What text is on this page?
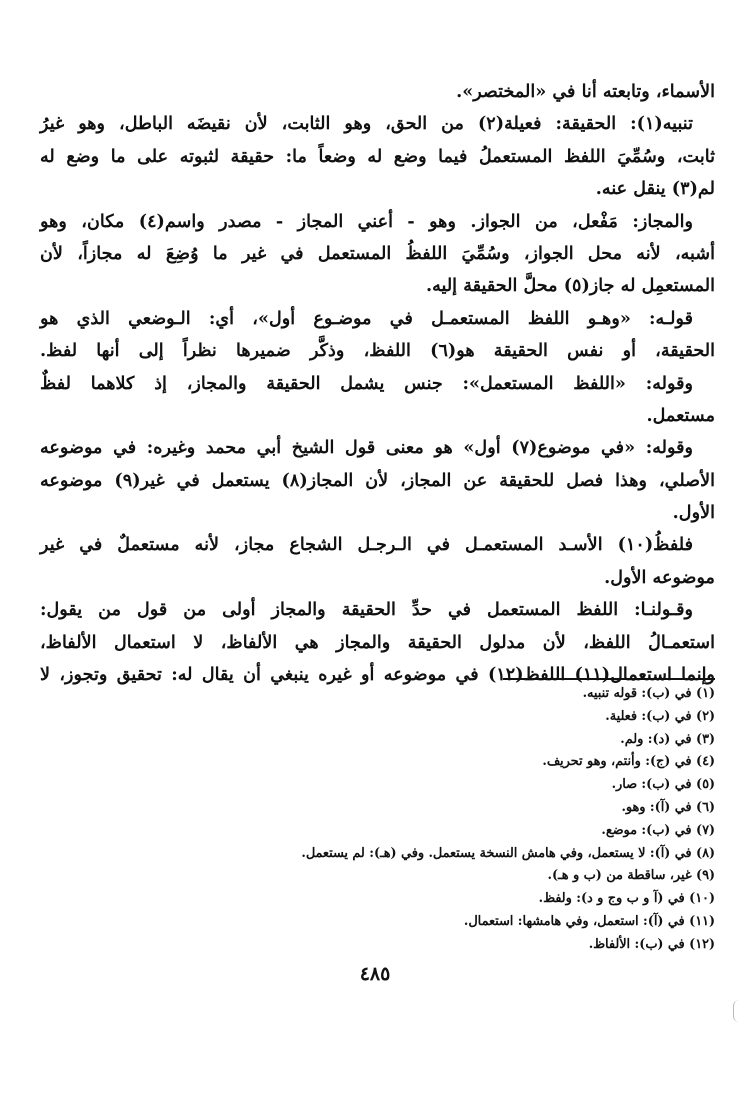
الأسماء، وتابعته أنا في «المختصر».
تنبيه(١): الحقيقة: فعيلة(٢) من الحق، وهو الثابت، لأن نقيضَه الباطل، وهو غيرُ
ثابت، وسُمِّيَ اللفظ المستعملُ فيما وضع له وضعاً ما: حقيقة لثبوته على ما وضع له
لم(٣) ينقل عنه.
والمجاز: مَفْعل، من الجواز. وهو - أعني المجاز - مصدر واسم(٤) مكان، وهو
أشبه، لأنه محل الجواز، وسُمِّيَ اللفظُ المستعمل في غير ما وُضِعَ له مجازاً، لأن
المستعمِل له جاز(٥) محلَّ الحقيقة إليه.
قولـه: «وهـو اللفظ المستعمـل في موضـوع أول»، أي: الـوضعي الذي هو
الحقيقة، أو نفس الحقيقة هو(٦) اللفظ، وذكَّر ضميرها نظراً إلى أنها لفظ.
وقوله: «اللفظ المستعمل»: جنس يشمل الحقيقة والمجاز، إذ كلاهما لفظٌ
مستعمل.
وقوله: «في موضوع(٧) أول» هو معنى قول الشيخ أبي محمد وغيره: في موضوعه
الأصلي، وهذا فصل للحقيقة عن المجاز، لأن المجاز(٨) يستعمل في غير(٩) موضوعه
الأول.
فلفظُ(١٠) الأسـد المستعمـل في الـرجـل الشجاع مجاز، لأنه مستعملٌ في غير
موضوعه الأول.
وقـولنـا: اللفظ المستعمل في حدِّ الحقيقة والمجاز أولى من قول من يقول:
استعمـالُ اللفظ، لأن مدلول الحقيقة والمجاز هي الألفاظ، لا استعمال الألفاظ،
وإنما استعمال(١١) اللفظ(١٢) في موضوعه أو غيره ينبغي أن يقال له: تحقيق وتجوز، لا
(١) في (ب): قوله تنبيه.
(٢) في (ب): فعلية.
(٣) في (د): ولم.
(٤) في (ج): وأنتم، وهو تحريف.
(٥) في (ب): صار.
(٦) في (آ): وهو.
(٧) في (ب): موضع.
(٨) في (آ): لا يستعمل، وفي هامش النسخة يستعمل. وفي (هـ): لم يستعمل.
(٩) غير، ساقطة من (ب و هـ).
(١٠) في (آ و ب وج و د): ولفظ.
(١١) في (آ): استعمل، وفي هامشها: استعمال.
(١٢) في (ب): الألفاظ.
٤٨٥
